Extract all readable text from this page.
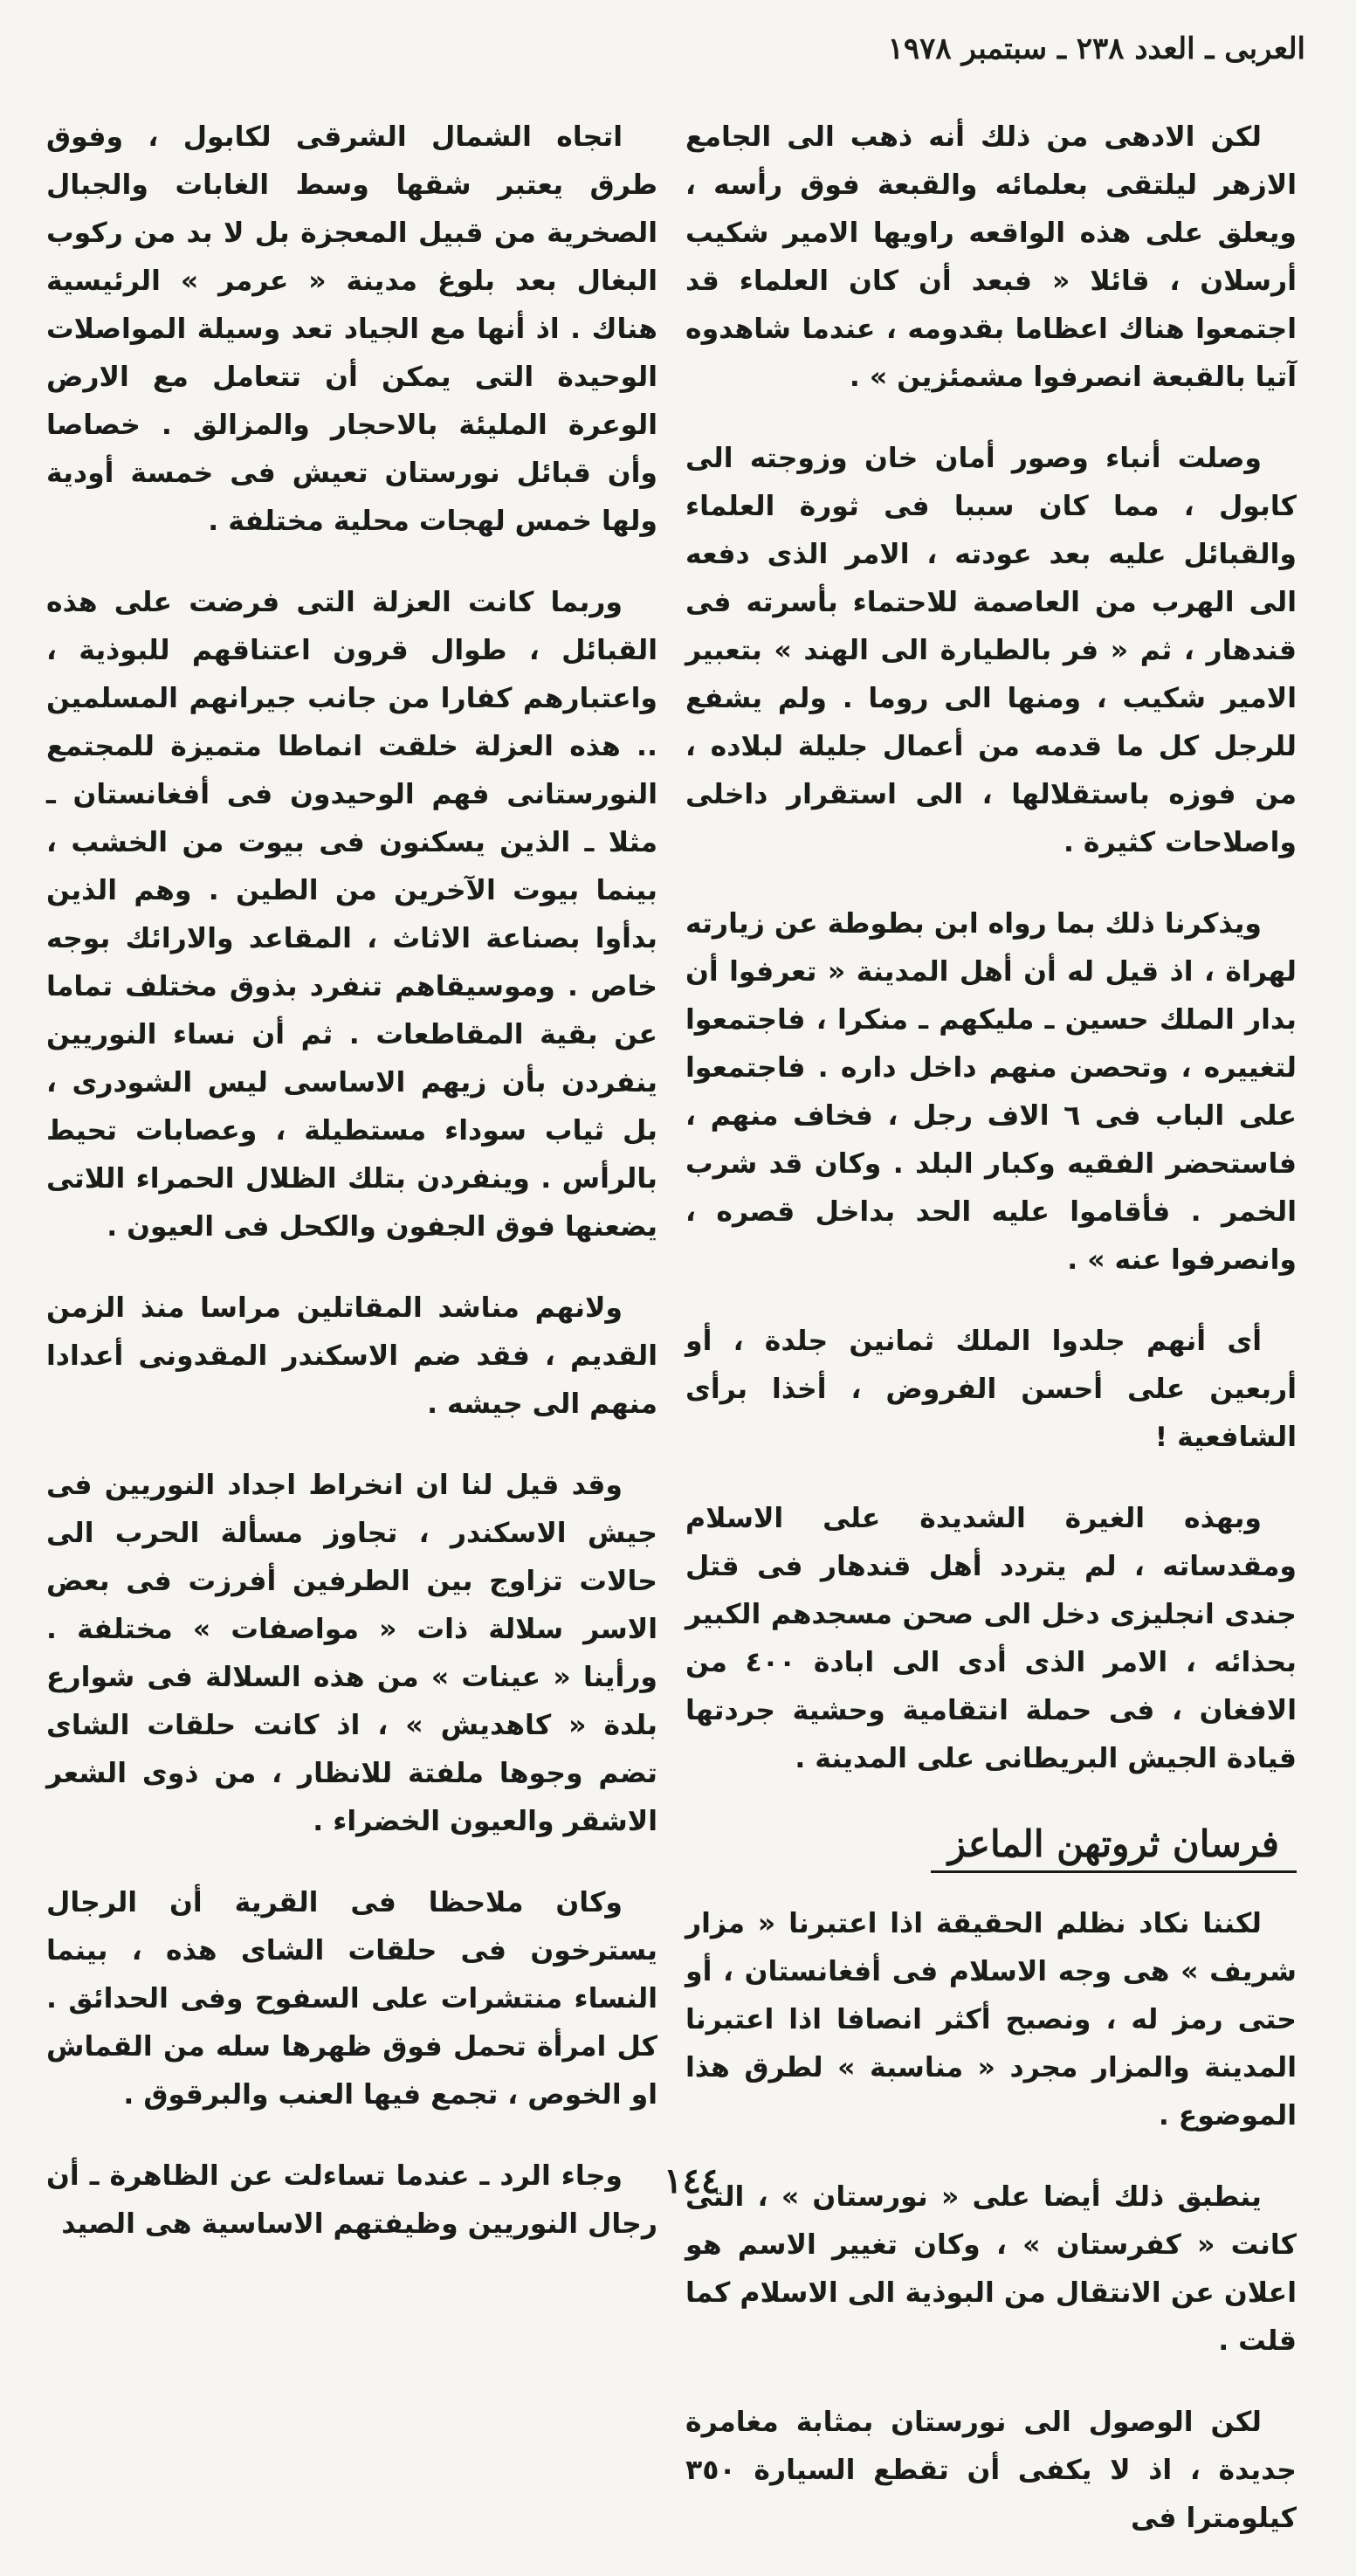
العربى ـ العدد ٢٣٨ ـ سبتمبر ١٩٧٨

لكن الادهى من ذلك أنه ذهب الى الجامع الازهر ليلتقى بعلمائه والقبعة فوق رأسه ، ويعلق على هذه الواقعه راويها الامير شكيب أرسلان ، قائلا « فبعد أن كان العلماء قد اجتمعوا هناك اعظاما بقدومه ، عندما شاهدوه آتيا بالقبعة انصرفوا مشمئزين » .

وصلت أنباء وصور أمان خان وزوجته الى كابول ، مما كان سببا فى ثورة العلماء والقبائل عليه بعد عودته ، الامر الذى دفعه الى الهرب من العاصمة للاحتماء بأسرته فى قندهار ، ثم « فر بالطيارة الى الهند » بتعبير الامير شكيب ، ومنها الى روما . ولم يشفع للرجل كل ما قدمه من أعمال جليلة لبلاده ، من فوزه باستقلالها ، الى استقرار داخلى واصلاحات كثيرة .

ويذكرنا ذلك بما رواه ابن بطوطة عن زيارته لهراة ، اذ قيل له أن أهل المدينة « تعرفوا أن بدار الملك حسين ـ مليكهم ـ منكرا ، فاجتمعوا لتغييره ، وتحصن منهم داخل داره . فاجتمعوا على الباب فى ٦ الاف رجل ، فخاف منهم ، فاستحضر الفقيه وكبار البلد . وكان قد شرب الخمر . فأقاموا عليه الحد بداخل قصره ، وانصرفوا عنه » .

أى أنهم جلدوا الملك ثمانين جلدة ، أو أربعين على أحسن الفروض ، أخذا برأى الشافعية !

وبهذه الغيرة الشديدة على الاسلام ومقدساته ، لم يتردد أهل قندهار فى قتل جندى انجليزى دخل الى صحن مسجدهم الكبير بحذائه ، الامر الذى أدى الى ابادة ٤٠٠ من الافغان ، فى حملة انتقامية وحشية جردتها قيادة الجيش البريطانى على المدينة .

فرسان ثروتهن الماعز

لكننا نكاد نظلم الحقيقة اذا اعتبرنا « مزار شريف » هى وجه الاسلام فى أفغانستان ، أو حتى رمز له ، ونصبح أكثر انصافا اذا اعتبرنا المدينة والمزار مجرد « مناسبة » لطرق هذا الموضوع .

ينطبق ذلك أيضا على « نورستان » ، التى كانت « كفرستان » ، وكان تغيير الاسم هو اعلان عن الانتقال من البوذية الى الاسلام كما قلت .

لكن الوصول الى نورستان بمثابة مغامرة جديدة ، اذ لا يكفى أن تقطع السيارة ٣٥٠ كيلومترا فى

اتجاه الشمال الشرقى لكابول ، وفوق طرق يعتبر شقها وسط الغابات والجبال الصخرية من قبيل المعجزة بل لا بد من ركوب البغال بعد بلوغ مدينة « عرمر » الرئيسية هناك . اذ أنها مع الجياد تعد وسيلة المواصلات الوحيدة التى يمكن أن تتعامل مع الارض الوعرة المليئة بالاحجار والمزالق . خصاصا وأن قبائل نورستان تعيش فى خمسة أودية ولها خمس لهجات محلية مختلفة .

وربما كانت العزلة التى فرضت على هذه القبائل ، طوال قرون اعتناقهم للبوذية ، واعتبارهم كفارا من جانب جيرانهم المسلمين .. هذه العزلة خلقت انماطا متميزة للمجتمع النورستانى فهم الوحيدون فى أفغانستان ـ مثلا ـ الذين يسكنون فى بيوت من الخشب ، بينما بيوت الآخرين من الطين . وهم الذين بدأوا بصناعة الاثاث ، المقاعد والارائك بوجه خاص . وموسيقاهم تنفرد بذوق مختلف تماما عن بقية المقاطعات . ثم أن نساء النوريين ينفردن بأن زيهم الاساسى ليس الشودرى ، بل ثياب سوداء مستطيلة ، وعصابات تحيط بالرأس . وينفردن بتلك الظلال الحمراء اللاتى يضعنها فوق الجفون والكحل فى العيون .

ولانهم مناشد المقاتلين مراسا منذ الزمن القديم ، فقد ضم الاسكندر المقدونى أعدادا منهم الى جيشه .

وقد قيل لنا ان انخراط اجداد النوريين فى جيش الاسكندر ، تجاوز مسألة الحرب الى حالات تزاوج بين الطرفين أفرزت فى بعض الاسر سلالة ذات « مواصفات » مختلفة . ورأينا « عينات » من هذه السلالة فى شوارع بلدة « كاهديش » ، اذ كانت حلقات الشاى تضم وجوها ملفتة للانظار ، من ذوى الشعر الاشقر والعيون الخضراء .

وكان ملاحظا فى القرية أن الرجال يسترخون فى حلقات الشاى هذه ، بينما النساء منتشرات على السفوح وفى الحدائق . كل امرأة تحمل فوق ظهرها سله من القماش او الخوص ، تجمع فيها العنب والبرقوق .

وجاء الرد ـ عندما تساءلت عن الظاهرة ـ أن رجال النوريين وظيفتهم الاساسية هى الصيد

١٤٤
